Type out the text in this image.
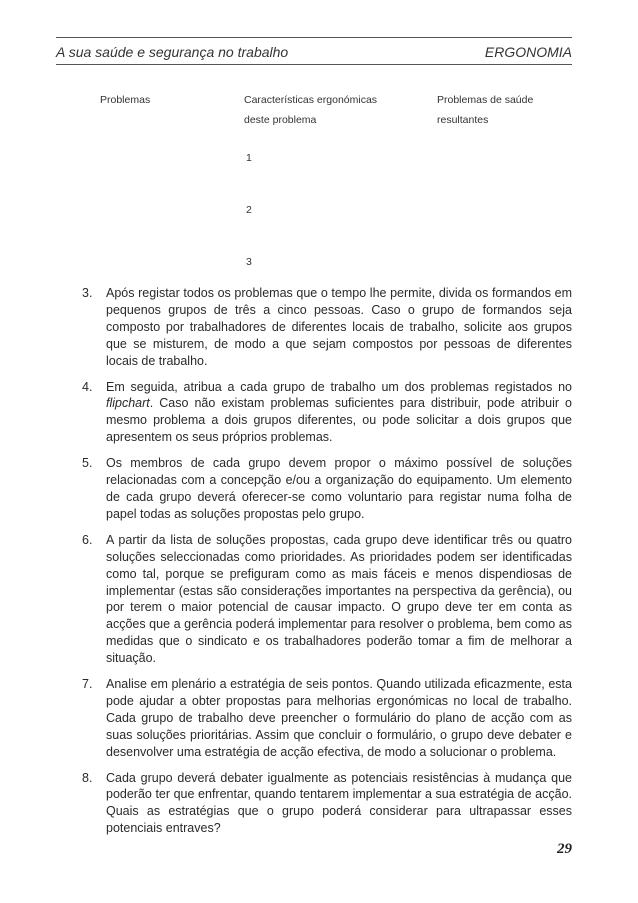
A sua saúde e segurança no trabalho	ERGONOMIA
Problemas	Características ergonómicas
deste problema
Problemas de saúde
resultantes
1
2
3
3. Após registar todos os problemas que o tempo lhe permite, divida os formandos em pequenos grupos de três a cinco pessoas. Caso o grupo de formandos seja composto por trabalhadores de diferentes locais de trabalho, solicite aos grupos que se misturem, de modo a que sejam compostos por pessoas de diferentes locais de trabalho.
4. Em seguida, atribua a cada grupo de trabalho um dos problemas registados no flipchart. Caso não existam problemas suficientes para distribuir, pode atribuir o mesmo problema a dois grupos diferentes, ou pode solicitar a dois grupos que apresentem os seus próprios problemas.
5. Os membros de cada grupo devem propor o máximo possível de soluções relacionadas com a concepção e/ou a organização do equipamento. Um elemento de cada grupo deverá oferecer-se como voluntario para registar numa folha de papel todas as soluções propostas pelo grupo.
6. A partir da lista de soluções propostas, cada grupo deve identificar três ou quatro soluções seleccionadas como prioridades. As prioridades podem ser identificadas como tal, porque se prefiguram como as mais fáceis e menos dispendiosas de implementar (estas são considerações importantes na perspectiva da gerência), ou por terem o maior potencial de causar impacto. O grupo deve ter em conta as acções que a gerência poderá implementar para resolver o problema, bem como as medidas que o sindicato e os trabalhadores poderão tomar a fim de melhorar a situação.
7. Analise em plenário a estratégia de seis pontos. Quando utilizada eficazmente, esta pode ajudar a obter propostas para melhorias ergonómicas no local de trabalho. Cada grupo de trabalho deve preencher o formulário do plano de acção com as suas soluções prioritárias. Assim que concluir o formulário, o grupo deve debater e desenvolver uma estratégia de acção efectiva, de modo a solucionar o problema.
8. Cada grupo deverá debater igualmente as potenciais resistências à mudança que poderão ter que enfrentar, quando tentarem implementar a sua estratégia de acção. Quais as estratégias que o grupo poderá considerar para ultrapassar esses potenciais entraves?
29
